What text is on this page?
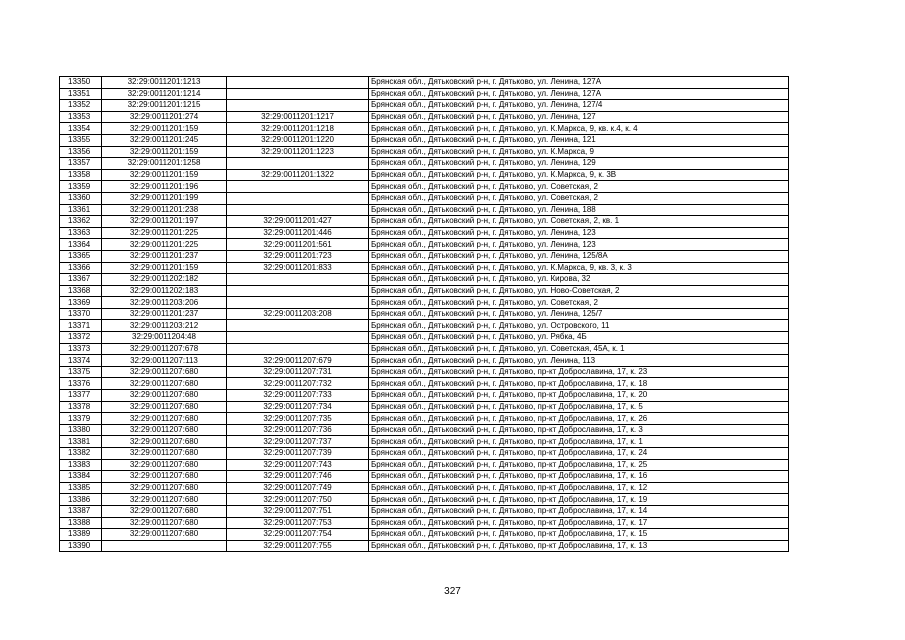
13350	32:29:0011201:1213		Брянская обл., Дятьковский р-н, г. Дятьково, ул. Ленина, 127А
13351	32:29:0011201:1214		Брянская обл., Дятьковский р-н, г. Дятьково, ул. Ленина, 127А
13352	32:29:0011201:1215		Брянская обл., Дятьковский р-н, г. Дятьково, ул. Ленина, 127/4
13353	32:29:0011201:274	32:29:0011201:1217	Брянская обл., Дятьковский р-н, г. Дятьково, ул. Ленина, 127
13354	32:29:0011201:159	32:29:0011201:1218	Брянская обл., Дятьковский р-н, г. Дятьково, ул. К.Маркса, 9, кв. к.4, к. 4
13355	32:29:0011201:245	32:29:0011201:1220	Брянская обл., Дятьковский р-н, г. Дятьково, ул. Ленина, 121
13356	32:29:0011201:159	32:29:0011201:1223	Брянская обл., Дятьковский р-н, г. Дятьково, ул. К.Маркса, 9
13357	32:29:0011201:1258		Брянская обл., Дятьковский р-н, г. Дятьково, ул. Ленина, 129
13358	32:29:0011201:159	32:29:0011201:1322	Брянская обл., Дятьковский р-н, г. Дятьково, ул. К.Маркса, 9, к. 3В
13359	32:29:0011201:196		Брянская обл., Дятьковский р-н, г. Дятьково, ул. Советская, 2
13360	32:29:0011201:199		Брянская обл., Дятьковский р-н, г. Дятьково, ул. Советская, 2
13361	32:29:0011201:238		Брянская обл., Дятьковский р-н, г. Дятьково, ул. Ленина, 188
13362	32:29:0011201:197	32:29:0011201:427	Брянская обл., Дятьковский р-н, г. Дятьково, ул. Советская, 2, кв. 1
13363	32:29:0011201:225	32:29:0011201:446	Брянская обл., Дятьковский р-н, г. Дятьково, ул. Ленина, 123
13364	32:29:0011201:225	32:29:0011201:561	Брянская обл., Дятьковский р-н, г. Дятьково, ул. Ленина, 123
13365	32:29:0011201:237	32:29:0011201:723	Брянская обл., Дятьковский р-н, г. Дятьково, ул. Ленина, 125/8А
13366	32:29:0011201:159	32:29:0011201:833	Брянская обл., Дятьковский р-н, г. Дятьково, ул. К.Маркса, 9, кв. 3, к. 3
13367	32:29:0011202:182		Брянская обл., Дятьковский р-н, г. Дятьково, ул. Кирова, 32
13368	32:29:0011202:183		Брянская обл., Дятьковский р-н, г. Дятьково, ул. Ново-Советская, 2
13369	32:29:0011203:206		Брянская обл., Дятьковский р-н, г. Дятьково, ул. Советская, 2
13370	32:29:0011201:237	32:29:0011203:208	Брянская обл., Дятьковский р-н, г. Дятьково, ул. Ленина, 125/7
13371	32:29:0011203:212		Брянская обл., Дятьковский р-н, г. Дятьково, ул. Островского, 11
13372	32:29:0011204:48		Брянская обл., Дятьковский р-н, г. Дятьково, ул. Рябка, 4Б
13373	32:29:0011207:678		Брянская обл., Дятьковский р-н, г. Дятьково, ул. Советская, 45А, к. 1
13374	32:29:0011207:113	32:29:0011207:679	Брянская обл., Дятьковский р-н, г. Дятьково, ул. Ленина, 113
13375	32:29:0011207:680	32:29:0011207:731	Брянская обл., Дятьковский р-н, г. Дятьково, пр-кт Доброславина, 17, к. 23
13376	32:29:0011207:680	32:29:0011207:732	Брянская обл., Дятьковский р-н, г. Дятьково, пр-кт Доброславина, 17, к. 18
13377	32:29:0011207:680	32:29:0011207:733	Брянская обл., Дятьковский р-н, г. Дятьково, пр-кт Доброславина, 17, к. 20
13378	32:29:0011207:680	32:29:0011207:734	Брянская обл., Дятьковский р-н, г. Дятьково, пр-кт Доброславина, 17, к. 5
13379	32:29:0011207:680	32:29:0011207:735	Брянская обл., Дятьковский р-н, г. Дятьково, пр-кт Доброславина, 17, к. 26
13380	32:29:0011207:680	32:29:0011207:736	Брянская обл., Дятьковский р-н, г. Дятьково, пр-кт Доброславина, 17, к. 3
13381	32:29:0011207:680	32:29:0011207:737	Брянская обл., Дятьковский р-н, г. Дятьково, пр-кт Доброславина, 17, к. 1
13382	32:29:0011207:680	32:29:0011207:739	Брянская обл., Дятьковский р-н, г. Дятьково, пр-кт Доброславина, 17, к. 24
13383	32:29:0011207:680	32:29:0011207:743	Брянская обл., Дятьковский р-н, г. Дятьково, пр-кт Доброславина, 17, к. 25
13384	32:29:0011207:680	32:29:0011207:746	Брянская обл., Дятьковский р-н, г. Дятьково, пр-кт Доброславина, 17, к. 16
13385	32:29:0011207:680	32:29:0011207:749	Брянская обл., Дятьковский р-н, г. Дятьково, пр-кт Доброславина, 17, к. 12
13386	32:29:0011207:680	32:29:0011207:750	Брянская обл., Дятьковский р-н, г. Дятьково, пр-кт Доброславина, 17, к. 19
13387	32:29:0011207:680	32:29:0011207:751	Брянская обл., Дятьковский р-н, г. Дятьково, пр-кт Доброславина, 17, к. 14
13388	32:29:0011207:680	32:29:0011207:753	Брянская обл., Дятьковский р-н, г. Дятьково, пр-кт Доброславина, 17, к. 17
13389	32:29:0011207:680	32:29:0011207:754	Брянская обл., Дятьковский р-н, г. Дятьково, пр-кт Доброславина, 17, к. 15
13390		32:29:0011207:755	Брянская обл., Дятьковский р-н, г. Дятьково, пр-кт Доброславина, 17, к. 13
327
